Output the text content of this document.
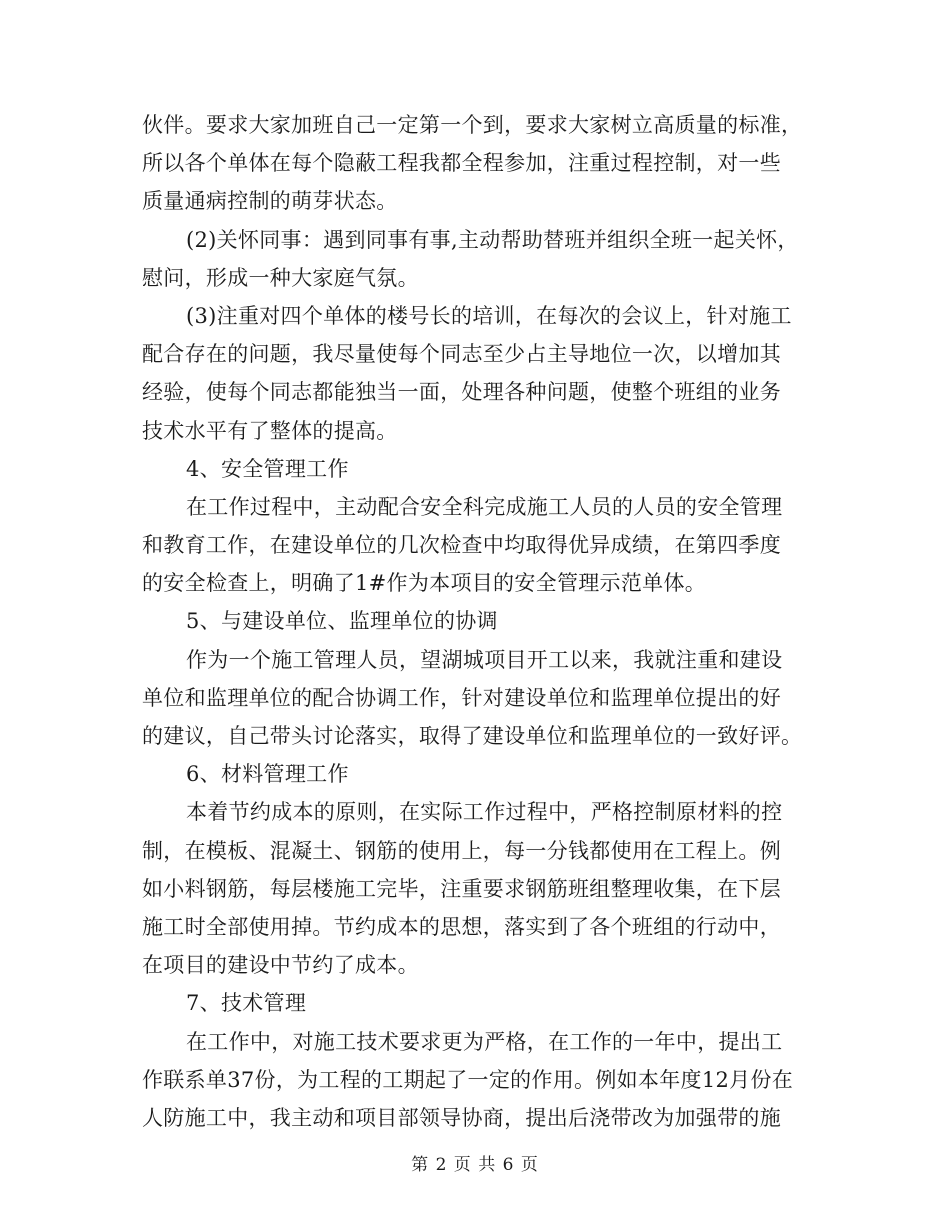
伙伴。要求大家加班自己一定第一个到，要求大家树立高质量的标准，
所以各个单体在每个隐蔽工程我都全程参加，注重过程控制，对一些
质量通病控制的萌芽状态。
(2)关怀同事：遇到同事有事,主动帮助替班并组织全班一起关怀，
慰问，形成一种大家庭气氛。
(3)注重对四个单体的楼号长的培训，在每次的会议上，针对施工
配合存在的问题，我尽量使每个同志至少占主导地位一次，以增加其
经验，使每个同志都能独当一面，处理各种问题，使整个班组的业务
技术水平有了整体的提高。
4、安全管理工作
在工作过程中，主动配合安全科完成施工人员的人员的安全管理
和教育工作，在建设单位的几次检查中均取得优异成绩，在第四季度
的安全检查上，明确了1#作为本项目的安全管理示范单体。
5、与建设单位、监理单位的协调
作为一个施工管理人员，望湖城项目开工以来，我就注重和建设
单位和监理单位的配合协调工作，针对建设单位和监理单位提出的好
的建议，自己带头讨论落实，取得了建设单位和监理单位的一致好评。
6、材料管理工作
本着节约成本的原则，在实际工作过程中，严格控制原材料的控
制，在模板、混凝土、钢筋的使用上，每一分钱都使用在工程上。例
如小料钢筋，每层楼施工完毕，注重要求钢筋班组整理收集，在下层
施工时全部使用掉。节约成本的思想，落实到了各个班组的行动中，
在项目的建设中节约了成本。
7、技术管理
在工作中，对施工技术要求更为严格，在工作的一年中，提出工
作联系单37份，为工程的工期起了一定的作用。例如本年度12月份在
人防施工中，我主动和项目部领导协商，提出后浇带改为加强带的施
第 2 页 共 6 页
